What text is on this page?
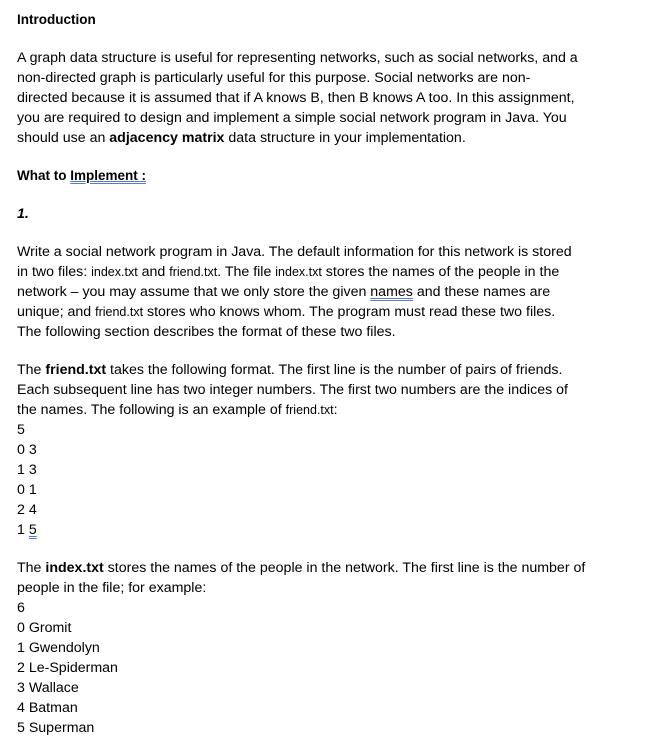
Introduction
A graph data structure is useful for representing networks, such as social networks, and a
non-directed graph is particularly useful for this purpose. Social networks are non-
directed because it is assumed that if A knows B, then B knows A too. In this assignment,
you are required to design and implement a simple social network program in Java. You
should use an adjacency matrix data structure in your implementation.
What to Implement :
1.
Write a social network program in Java. The default information for this network is stored
in two files: index.txt and friend.txt. The file index.txt stores the names of the people in the
network – you may assume that we only store the given names and these names are
unique; and friend.txt stores who knows whom. The program must read these two files.
The following section describes the format of these two files.
The friend.txt takes the following format. The first line is the number of pairs of friends.
Each subsequent line has two integer numbers. The first two numbers are the indices of
the names. The following is an example of friend.txt:
5
0 3
1 3
0 1
2 4
1 5
The index.txt stores the names of the people in the network. The first line is the number of
people in the file; for example:
6
0 Gromit
1 Gwendolyn
2 Le-Spiderman
3 Wallace
4 Batman
5 Superman
